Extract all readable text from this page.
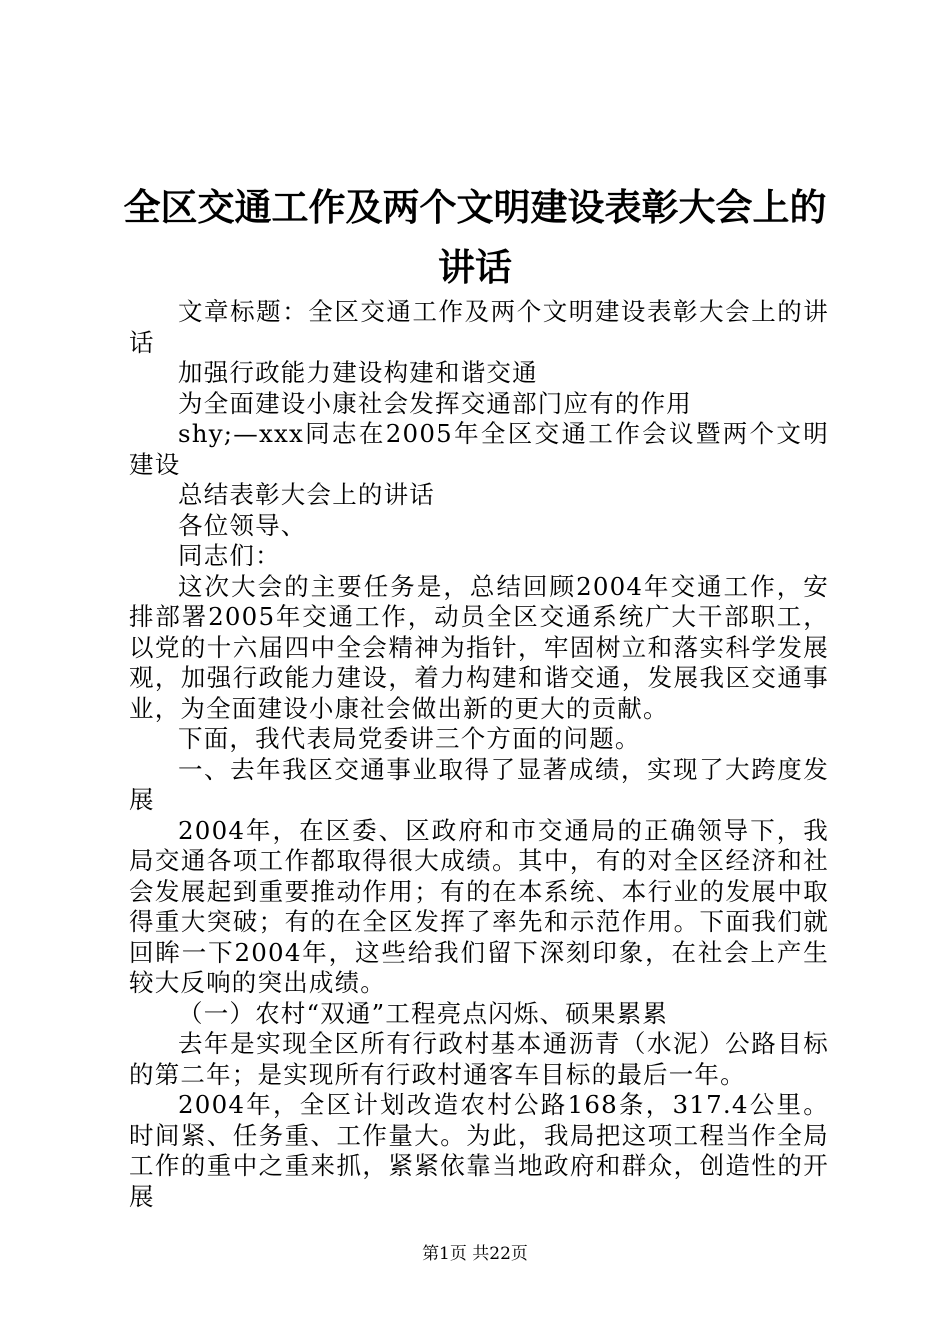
全区交通工作及两个文明建设表彰大会上的讲话

文章标题：全区交通工作及两个文明建设表彰大会上的讲话

加强行政能力建设构建和谐交通

为全面建设小康社会发挥交通部门应有的作用

shy;—xxx同志在2005年全区交通工作会议暨两个文明建设

总结表彰大会上的讲话

各位领导、

同志们：

这次大会的主要任务是，总结回顾2004年交通工作，安排部署2005年交通工作，动员全区交通系统广大干部职工，以党的十六届四中全会精神为指针，牢固树立和落实科学发展观，加强行政能力建设，着力构建和谐交通，发展我区交通事业，为全面建设小康社会做出新的更大的贡献。

下面，我代表局党委讲三个方面的问题。

一、去年我区交通事业取得了显著成绩，实现了大跨度发展

2004年，在区委、区政府和市交通局的正确领导下，我局交通各项工作都取得很大成绩。其中，有的对全区经济和社会发展起到重要推动作用；有的在本系统、本行业的发展中取得重大突破；有的在全区发挥了率先和示范作用。下面我们就回眸一下2004年，这些给我们留下深刻印象，在社会上产生较大反响的突出成绩。

（一）农村“双通”工程亮点闪烁、硕果累累

去年是实现全区所有行政村基本通沥青（水泥）公路目标的第二年；是实现所有行政村通客车目标的最后一年。

2004年，全区计划改造农村公路168条，317.4公里。时间紧、任务重、工作量大。为此，我局把这项工程当作全局工作的重中之重来抓，紧紧依靠当地政府和群众，创造性的开展

第1页 共22页
